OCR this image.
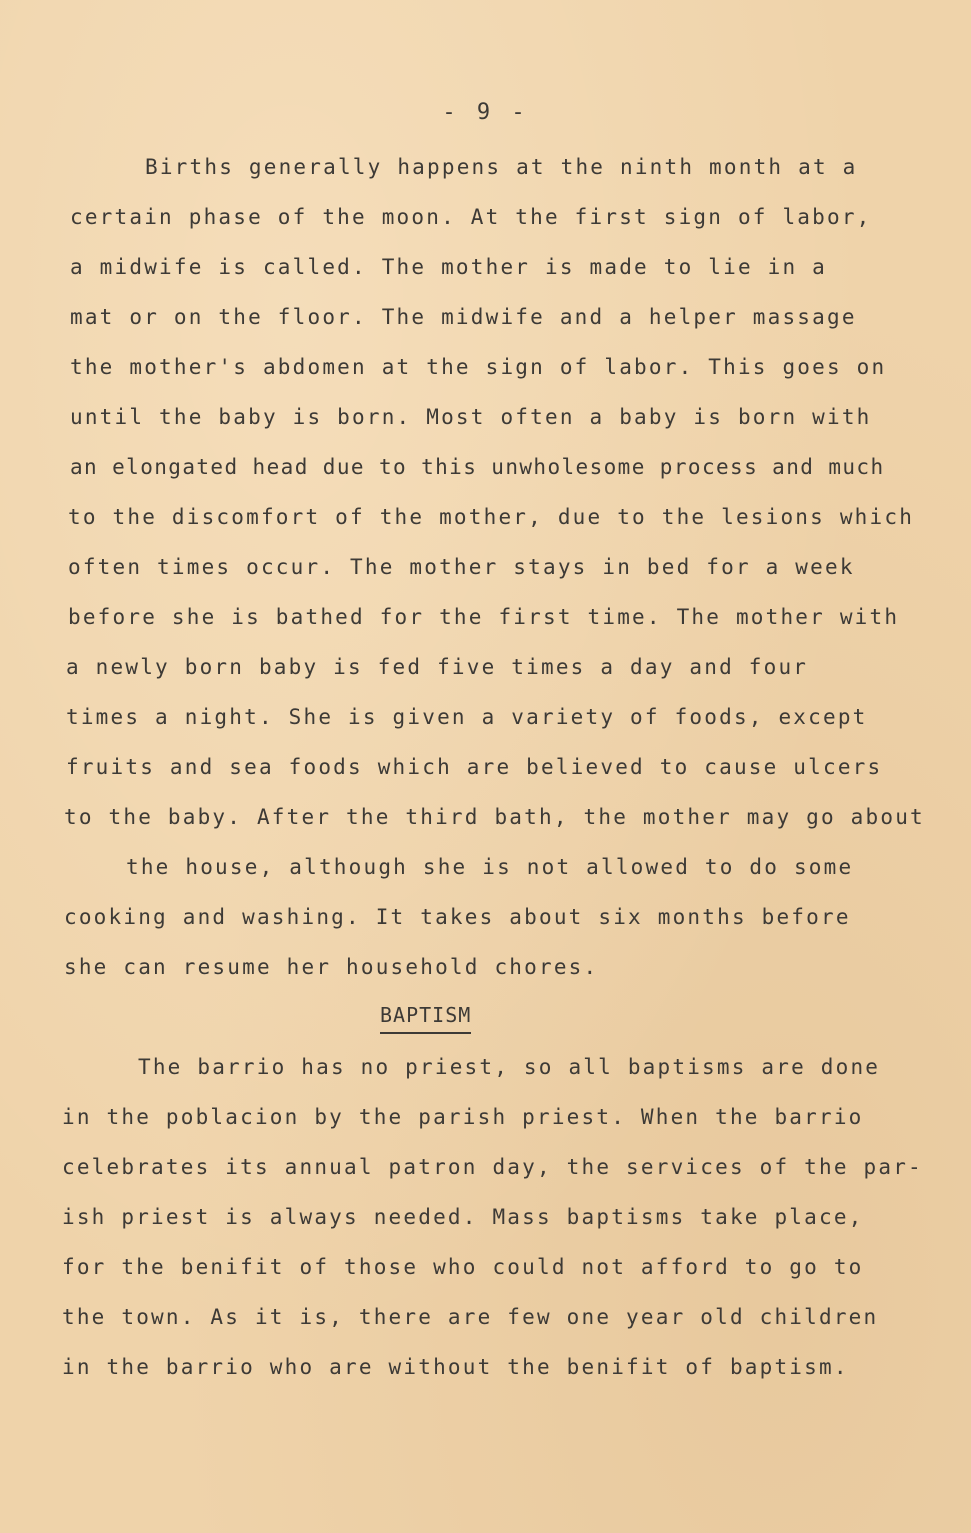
- 9 -
Births generally happens at the ninth month at a
certain phase of the moon. At the first sign of labor,
a midwife is called. The mother is made to lie in a
mat or on the floor. The midwife and a helper massage
the mother's abdomen at the sign of labor. This goes on
until the baby is born. Most often a baby is born with
an elongated head due to this unwholesome process and much
to the discomfort of the mother, due to the lesions which
often times occur. The mother stays in bed for a week
before she is bathed for the first time. The mother with
a newly born baby is fed five times a day and four
times a night. She is given a variety of foods, except
fruits and sea foods which are believed to cause ulcers
to the baby. After the third bath, the mother may go about
the house, although she is not allowed to do some
cooking and washing. It takes about six months before
she can resume her household chores.
BAPTISM
The barrio has no priest, so all baptisms are done
in the poblacion by the parish priest. When the barrio
celebrates its annual patron day, the services of the par-
ish priest is always needed. Mass baptisms take place,
for the benifit of those who could not afford to go to
the town. As it is, there are few one year old children
in the barrio who are without the benifit of baptism.
